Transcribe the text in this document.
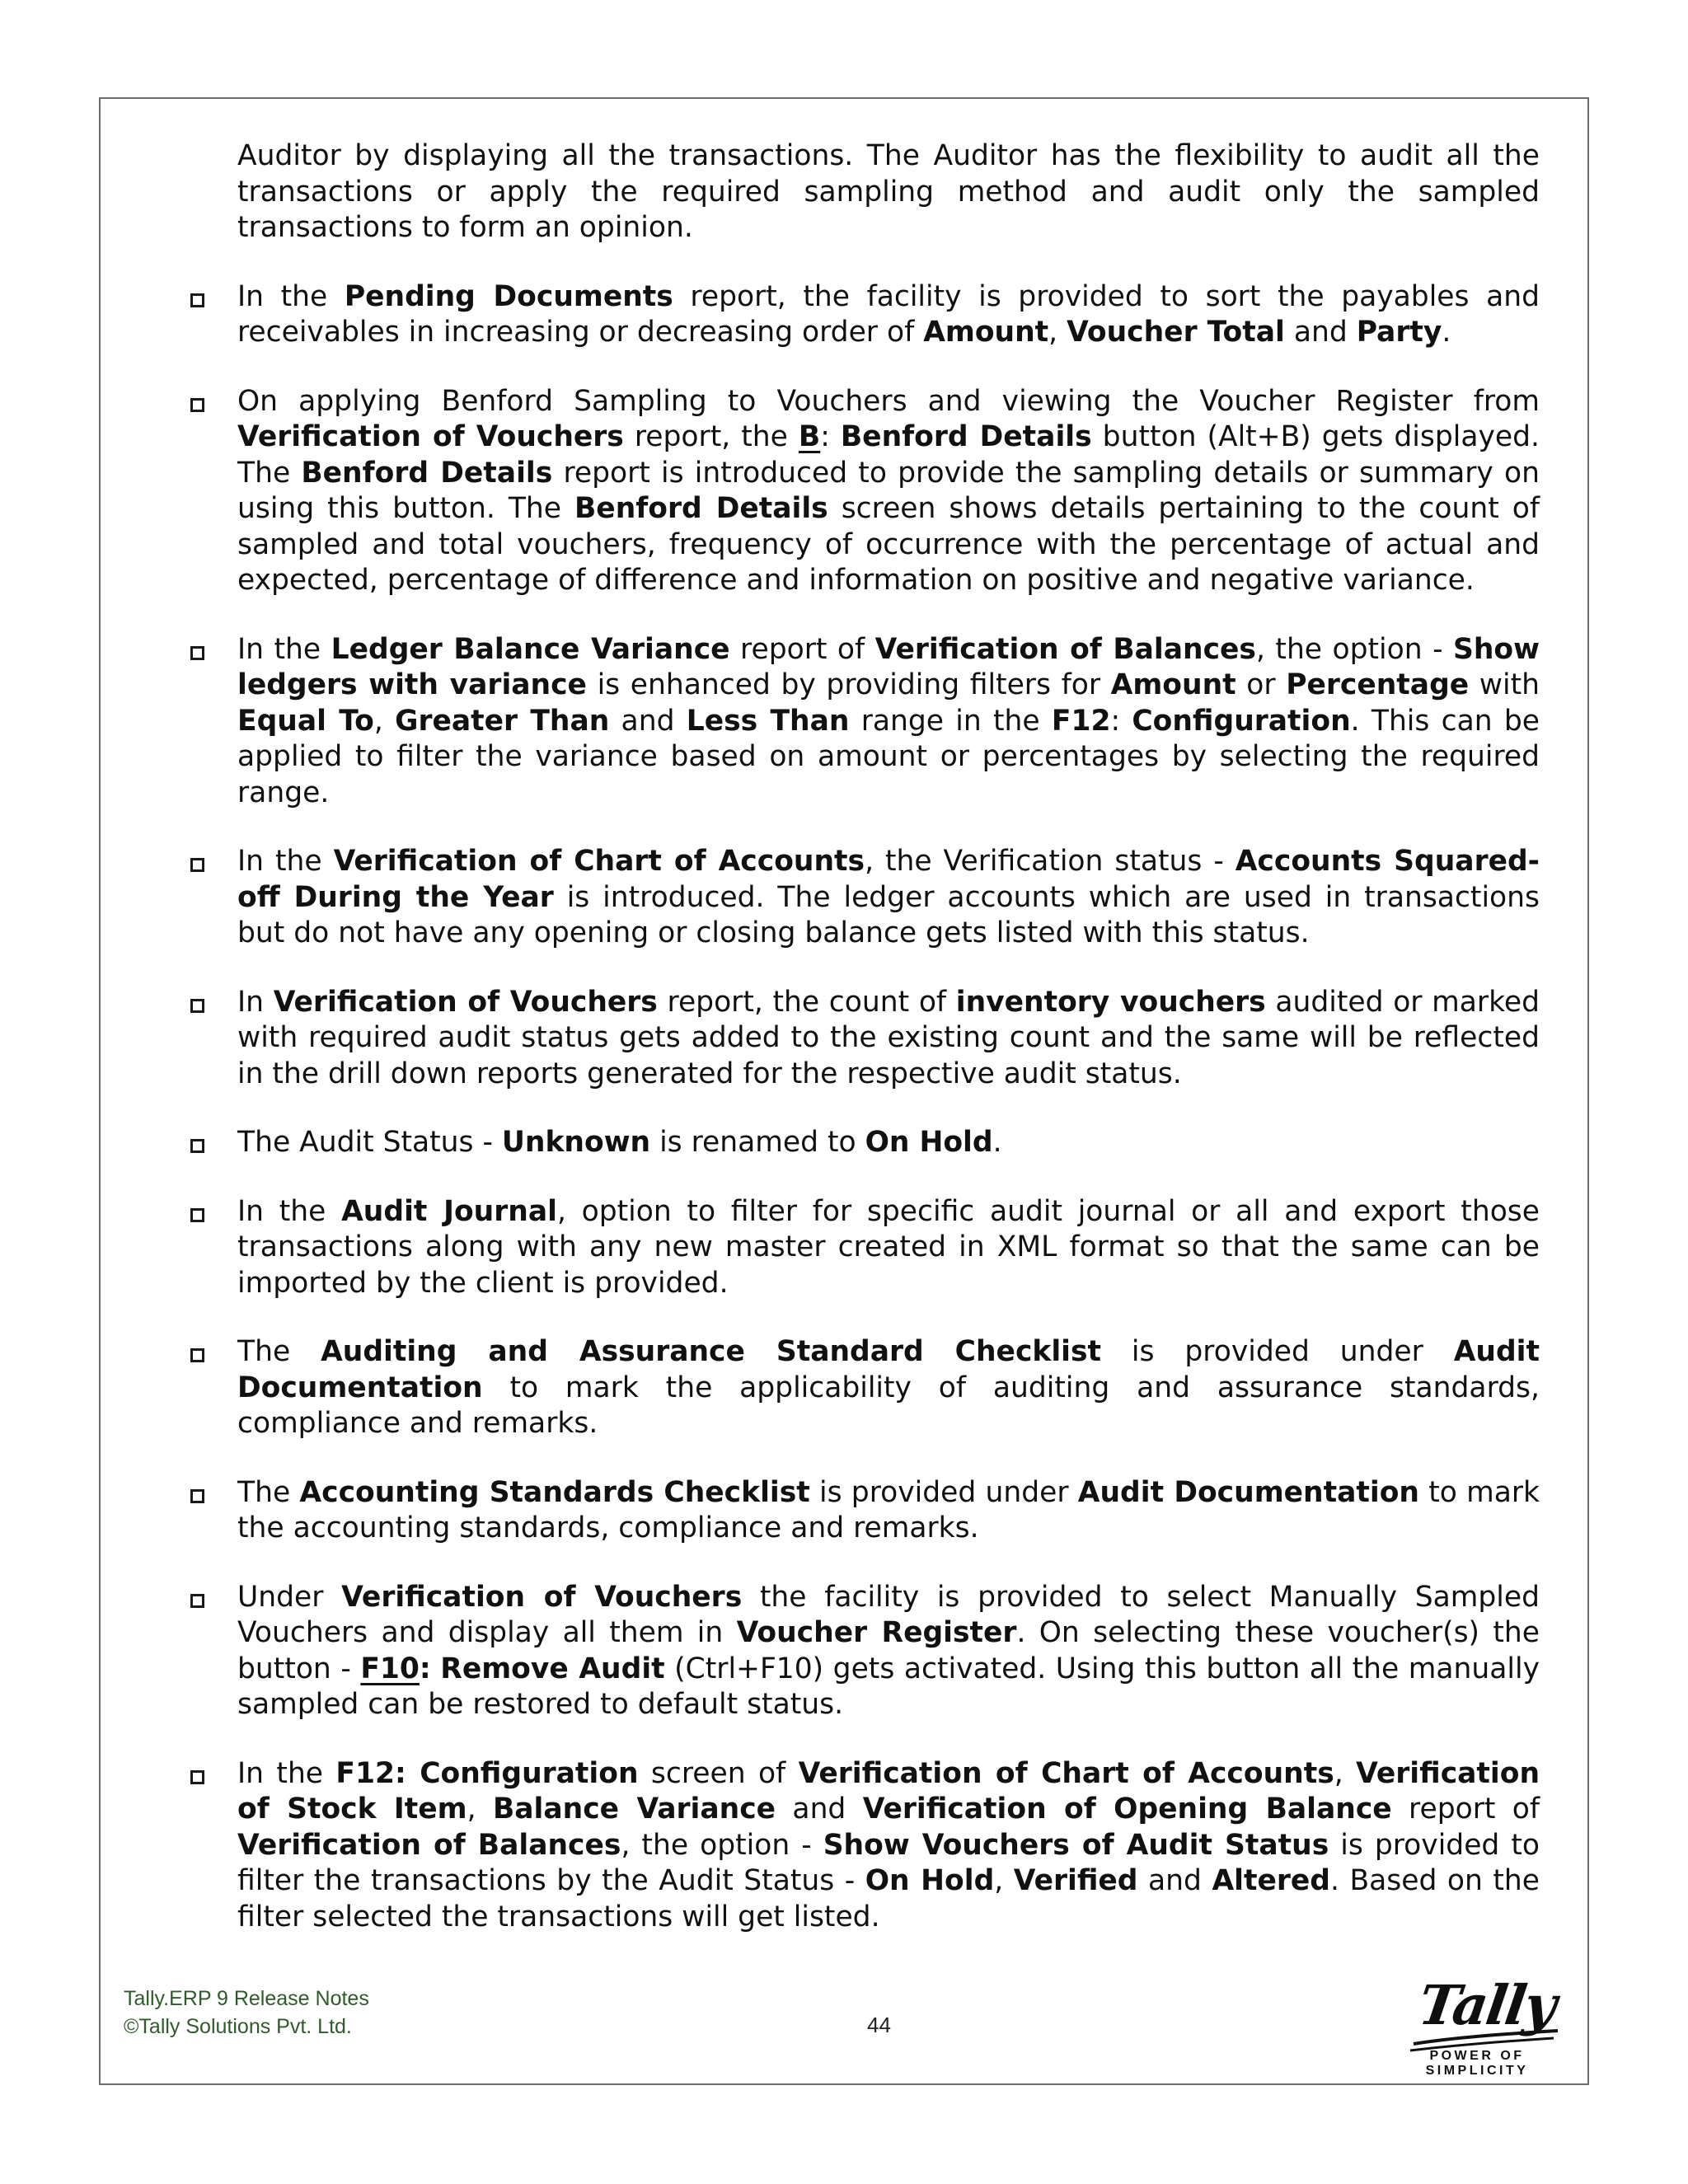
Auditor by displaying all the transactions. The Auditor has the flexibility to audit all the transactions or apply the required sampling method and audit only the sampled transactions to form an opinion.

In the Pending Documents report, the facility is provided to sort the payables and receivables in increasing or decreasing order of Amount, Voucher Total and Party.

On applying Benford Sampling to Vouchers and viewing the Voucher Register from Verification of Vouchers report, the B: Benford Details button (Alt+B) gets displayed. The Benford Details report is introduced to provide the sampling details or summary on using this button. The Benford Details screen shows details pertaining to the count of sampled and total vouchers, frequency of occurrence with the percentage of actual and expected, percentage of difference and information on positive and negative variance.

In the Ledger Balance Variance report of Verification of Balances, the option - Show ledgers with variance is enhanced by providing filters for Amount or Percentage with Equal To, Greater Than and Less Than range in the F12: Configuration. This can be applied to filter the variance based on amount or percentages by selecting the required range.

In the Verification of Chart of Accounts, the Verification status - Accounts Squared-off During the Year is introduced. The ledger accounts which are used in transactions but do not have any opening or closing balance gets listed with this status.

In Verification of Vouchers report, the count of inventory vouchers audited or marked with required audit status gets added to the existing count and the same will be reflected in the drill down reports generated for the respective audit status.

The Audit Status - Unknown is renamed to On Hold.

In the Audit Journal, option to filter for specific audit journal or all and export those transactions along with any new master created in XML format so that the same can be imported by the client is provided.

The Auditing and Assurance Standard Checklist is provided under Audit Documentation to mark the applicability of auditing and assurance standards, compliance and remarks.

The Accounting Standards Checklist is provided under Audit Documentation to mark the accounting standards, compliance and remarks.

Under Verification of Vouchers the facility is provided to select Manually Sampled Vouchers and display all them in Voucher Register. On selecting these voucher(s) the button - F10: Remove Audit (Ctrl+F10) gets activated. Using this button all the manually sampled can be restored to default status.

In the F12: Configuration screen of Verification of Chart of Accounts, Verification of Stock Item, Balance Variance and Verification of Opening Balance report of Verification of Balances, the option - Show Vouchers of Audit Status is provided to filter the transactions by the Audit Status - On Hold, Verified and Altered. Based on the filter selected the transactions will get listed.

Tally.ERP 9 Release Notes
©Tally Solutions Pvt. Ltd.	44	Tally
POWER OF SIMPLICITY
